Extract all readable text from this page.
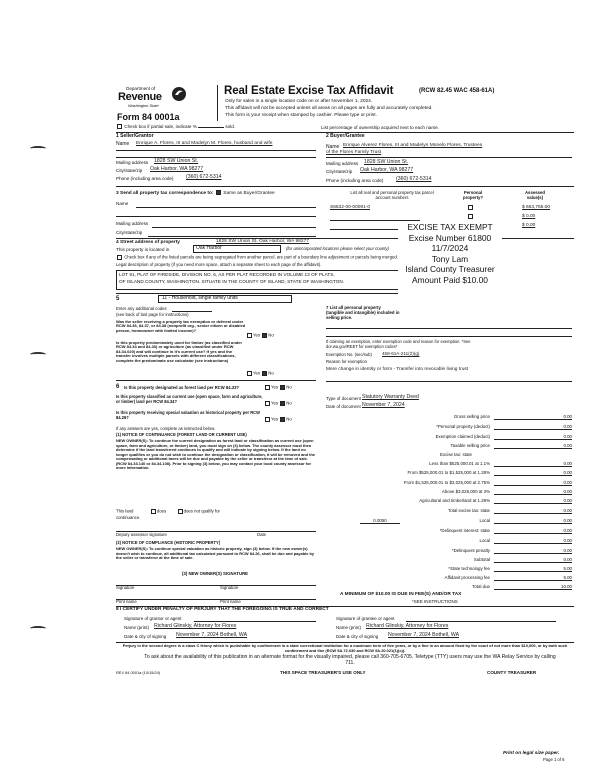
Department of
Revenue
Washington State
Form 84 0001a
Real Estate Excise Tax Affidavit	(RCW 82.45 WAC 458-61A)
Only for sales in a single location code on or after November 1, 2024.
This affidavit will not be accepted unless all areas on all pages are fully and accurately completed.
This form is your receipt when stamped by cashier. Please type or print.
Check box if partial sale, indicate %	sold.	List percentage of ownership acquired next to each name.
1 Seller/Grantor
Name Enrique A. Flores, III and Madelyn M. Flores, husband and wife
Mailing address 1828 SW Union St.
City/state/zip Oak Harbor, WA 98277
Phone (including area code) (360) 672-5314
2 Buyer/Grantee
Name Enrique Alverez Flores, III and Madelyn Monelo Flores, Trustees
of the Flores Family Trust
Mailing address 1828 SW Union St.
City/state/zip Oak Harbor, WA 98277
Phone (including area code) (360) 672-5314
3 Send all property tax correspondence to: Same as Buyer/Grantee
Name
Mailing address
City/state/zip
List all real and personal property tax parcel account numbers
Personal property?
Assessed value(s)
S6632-00-00091-0	$ 663,755.00
$ 0.00
$ 0.00
4 Street address of property	1828 SW Union St. Oak Harbor, WA 98277
This property is located in	Oak Harbor	(for unincorporated locations please select your county)
Check box if any of the listed parcels are being segregated from another parcel, are part of a boundary line adjustment or parcels being merged.
Legal description of property (if you need more space, attach a separate sheet to each page of the affidavit).
LOT 91, PLAT OF FIRESIDE, DIVISION NO. 6, AS PER PLAT RECORDED IN VOLUME 13 OF PLATS,
OF ISLAND COUNTY, WASHINGTON. SITUATE IN THE COUNTY OF ISLAND, STATE OF WASHINGTON.
EXCISE TAX EXEMPT
Excise Number 61800
11/7/2024
Tony Lam
Island County Treasurer
Amount Paid $10.00
5	11 - Household, single family units
Enter any additional codes
(see back of last page for instructions)
Was the seller receiving a property tax exemption or deferral under RCW 84.36, 84.37, or 84.38 (nonprofit org., senior citizen or disabled person, homeowner with limited income)?
Yes No
Is this property predominately used for timber (as classified under RCW 84.34 and 84.33) or agriculture (as classified under RCW 84.34.020) and will continue in it's current use? If yes and the transfer involves multiple parcels with different classifications, complete the predominate use calculator (see instructions)
Yes No
6 Is this property designated as forest land per RCW 84.33?	Yes No
Is this property classified as current use (open space, farm and agriculture, or timber) land per RCW 84.34?	Yes No
Is this property receiving special valuation as historical property per RCW 84.26?	Yes No
If any answers are yes, complete as instructed below.
(1) NOTICE OF CONTINUANCE (FOREST LAND OR CURRENT USE)
NEW OWNER(S): To continue the current designation as forest land or classification as current use (open space, farm and agriculture, or timber) land, you must sign on (3) below. The county assessor must then determine if the land transferred continues to qualify and will indicate by signing below. If the land no longer qualifies or you do not wish to continue the designation or classification, it will be removed and the compensating or additional taxes will be due and payable by the seller or transferor at the time of sale. (RCW 84.33.140 or 84.34.108). Prior to signing (3) below, you may contact your local county assessor for more information.
This land	does	does not qualify for
continuance.
Deputy assessor signature	Date
(2) NOTICE OF COMPLIANCE (HISTORIC PROPERTY)
NEW OWNER(S): To continue special valuation as historic property, sign (3) below. If the new owner(s) doesn't wish to continue, all additional tax calculated pursuant to RCW 84.26, shall be due and payable by the seller or transferor at the time of sale.
(3) NEW OWNER(S) SIGNATURE
Signature	Signature
Print name	Print name
7 List all personal property (tangible and intangible) included in selling price.
If claiming an exemption, enter exemption code and reason for exemption. *See dor.wa.gov/REET for exemption codes*
Exemption No. (sec/sub) 458-61A-211(2)(g)
Reason for exemption
Mere change in identity or form - Transfer into revocable living trust
Type of document Statutory Warranty Deed
Date of document November 7, 2024
Gross selling price	0.00
*Personal property (deduct)	0.00
Exemption claimed (deduct)	0.00
Taxable selling price	0.00
Excise tax: state
Less than $525,000.01 at 1.1%	0.00
From $525,000.01 to $1,525,000 at 1.28%	0.00
From $1,525,000.01 to $3,025,000 at 2.75%	0.00
Above $3,025,000 at 3%	0.00
Agricultural and timberland at 1.28%	0.00
Total excise tax: state	0.00
0.0050	Local	0.00
*Delinquent interest: state	0.00
Local	0.00
*Delinquent penalty	0.00
Subtotal	0.00
*State technology fee	5.00
Affidavit processing fee	5.00
Total due	10.00
A MINIMUM OF $10.00 IS DUE IN FEE(S) AND/OR TAX
*SEE INSTRUCTIONS
8 I CERTIFY UNDER PENALTY OF PERJURY THAT THE FOREGOING IS TRUE AND CORRECT
Signature of grantor or agent
Name (print) Richard Glinskiy, Attorney for Flores
Date & city of signing November 7, 2024 Bothell, WA
Signature of grantee or agent
Name (print) Richard Glinskiy, Attorney for Flores
Date & city of signing November 7, 2024 Bothell, WA
Perjury in the second degree is a class C felony which is punishable by confinement in a state correctional institution for a maximum term of five years, or by a fine in an amount fixed by the court of not more than $10,000, or by both such confinement and fine (RCW 9A.72.030 and RCW 9A.20.021(1)(c)).
To ask about the availability of this publication in an alternate format for the visually impaired, please call 360-705-6705. Teletype (TTY) users may use the WA Relay Service by calling 711.
REV 84 0001a (10/15/24)	THIS SPACE TREASURER'S USE ONLY	COUNTY TREASURER
Print on legal size paper.
Page 1 of 6
